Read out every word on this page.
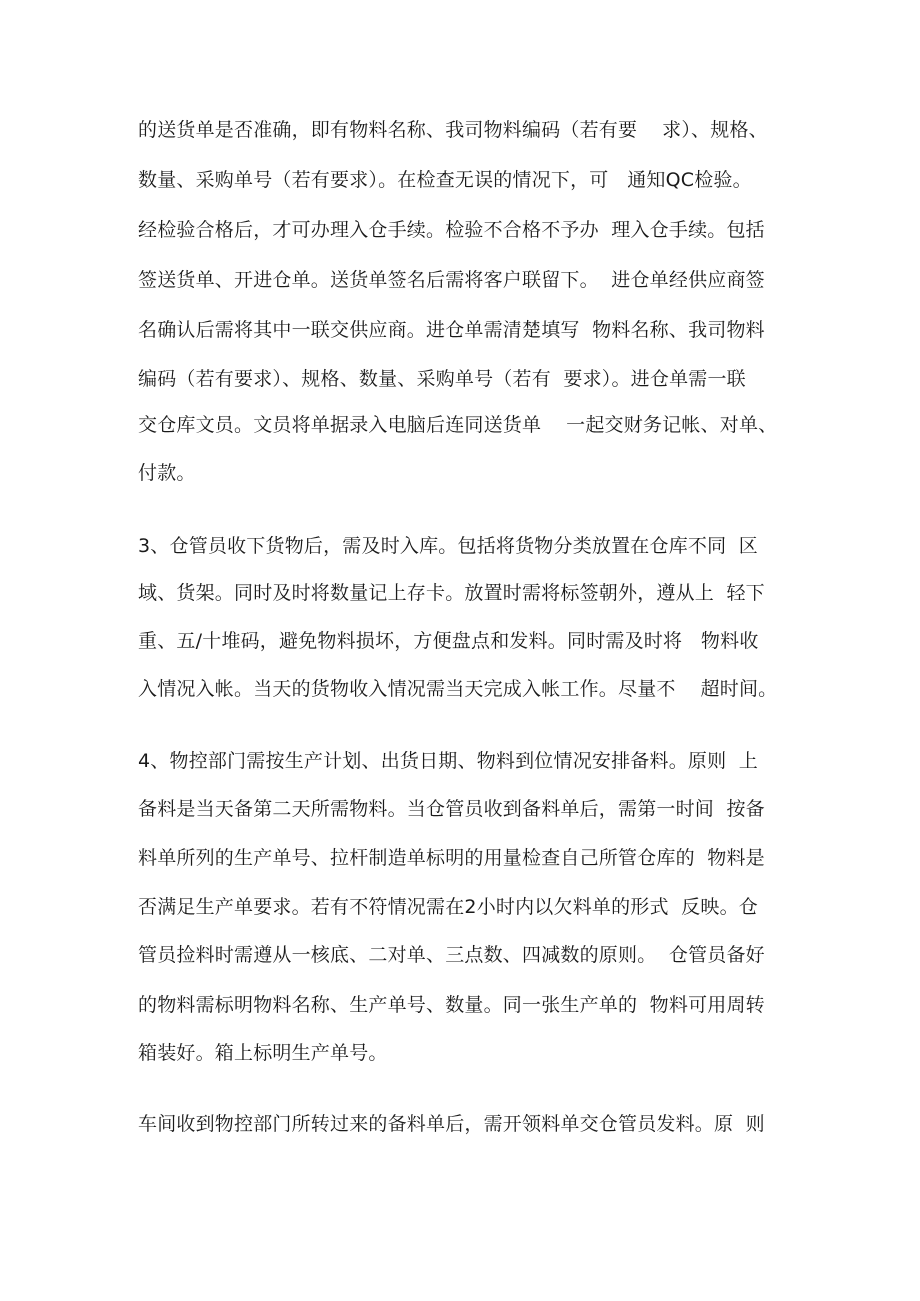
的送货单是否准确，即有物料名称、我司物料编码（若有要    求）、规格、
数量、采购单号（若有要求）。在检查无误的情况下，可   通知QC检验。
经检验合格后，才可办理入仓手续。检验不合格不予办  理入仓手续。包括
签送货单、开进仓单。送货单签名后需将客户联留下。  进仓单经供应商签
名确认后需将其中一联交供应商。进仓单需清楚填写  物料名称、我司物料
编码（若有要求）、规格、数量、采购单号（若有  要求）。进仓单需一联
交仓库文员。文员将单据录入电脑后连同送货单    一起交财务记帐、对单、
付款。
3、仓管员收下货物后，需及时入库。包括将货物分类放置在仓库不同  区
域、货架。同时及时将数量记上存卡。放置时需将标签朝外，遵从上  轻下
重、五/十堆码，避免物料损坏，方便盘点和发料。同时需及时将   物料收
入情况入帐。当天的货物收入情况需当天完成入帐工作。尽量不    超时间。
4、物控部门需按生产计划、出货日期、物料到位情况安排备料。原则  上
备料是当天备第二天所需物料。当仓管员收到备料单后，需第一时间  按备
料单所列的生产单号、拉杆制造单标明的用量检查自己所管仓库的  物料是
否满足生产单要求。若有不符情况需在2小时内以欠料单的形式  反映。仓
管员捡料时需遵从一核底、二对单、三点数、四减数的原则。  仓管员备好
的物料需标明物料名称、生产单号、数量。同一张生产单的  物料可用周转
箱装好。箱上标明生产单号。
车间收到物控部门所转过来的备料单后，需开领料单交仓管员发料。原  则
